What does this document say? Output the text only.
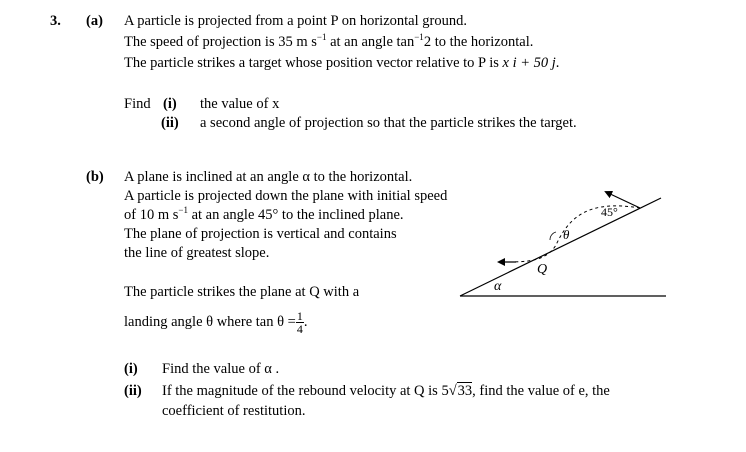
3. (a) A particle is projected from a point P on horizontal ground.
The speed of projection is 35 m $s^{-1}$ at an angle $\tan^{-1}2$ to the horizontal.
The particle strikes a target whose position vector relative to P is x i + 50 j.
Find (i) the value of x
(ii) a second angle of projection so that the particle strikes the target.
(b) A plane is inclined at an angle α to the horizontal.
A particle is projected down the plane with initial speed
of 10 m $s^{-1}$ at an angle 45° to the inclined plane.
The plane of projection is vertical and contains
the line of greatest slope.
The particle strikes the plane at Q with a
landing angle θ where $\tan \theta = \frac{1}{4}$ .
(i) Find the value of α .
(ii) If the magnitude of the rebound velocity at Q is 5√33, find the value of e, the
coefficient of restitution.
45°
θ
Q
α
